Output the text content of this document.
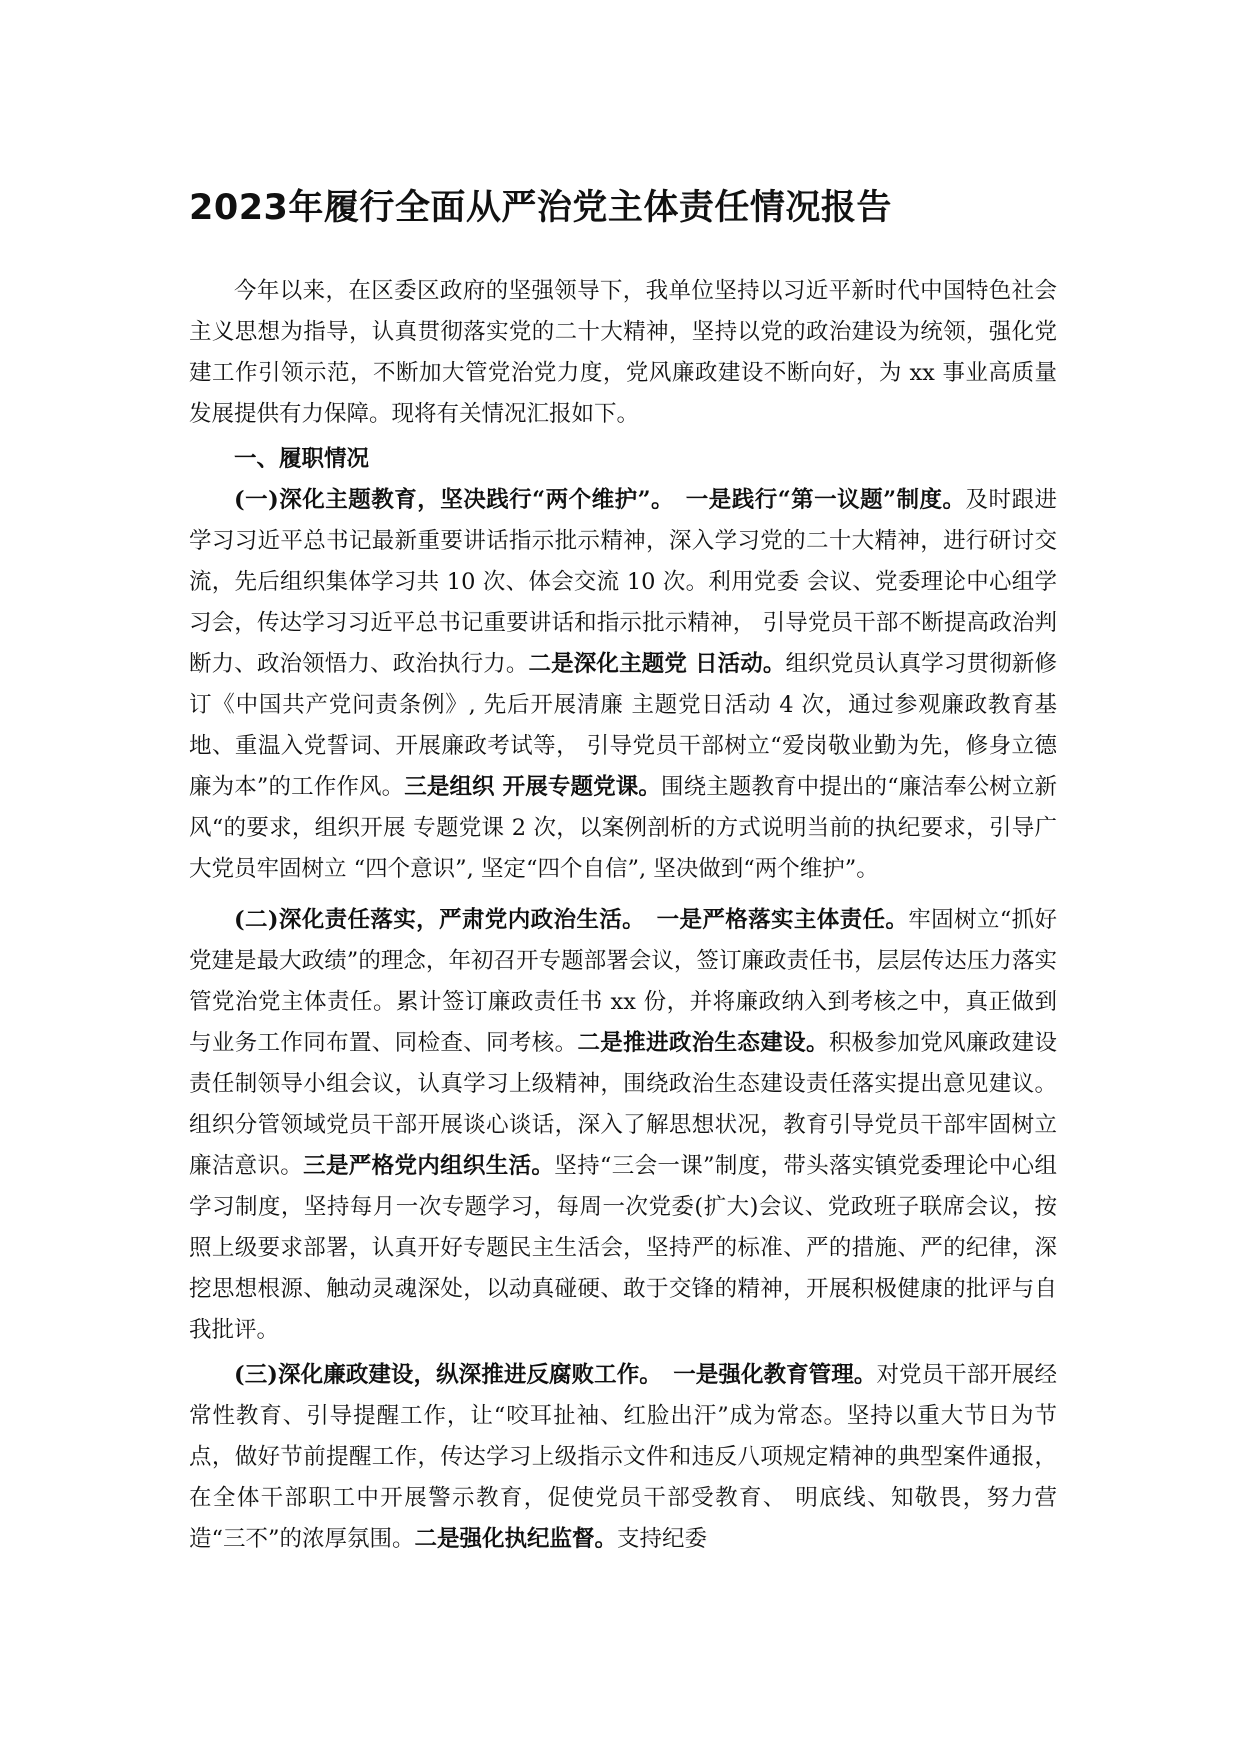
2023年履行全面从严治党主体责任情况报告

今年以来，在区委区政府的坚强领导下，我单位坚持以习近平新时代中国特色社会主义思想为指导，认真贯彻落实党的二十大精神，坚持以党的政治建设为统领，强化党建工作引领示范，不断加大管党治党力度，党风廉政建设不断向好，为 xx 事业高质量发展提供有力保障。现将有关情况汇报如下。

一、履职情况

(一)深化主题教育，坚决践行“两个维护”。　一是践行“第一议题”制度。及时跟进学习习近平总书记最新重要讲话指示批示精神，深入学习党的二十大精神，进行研讨交流，先后组织集体学习共 10 次、体会交流 10 次。利用党委 会议、党委理论中心组学习会，传达学习习近平总书记重要讲话和指示批示精神， 引导党员干部不断提高政治判断力、政治领悟力、政治执行力。二是深化主题党 日活动。组织党员认真学习贯彻新修订《中国共产党问责条例》, 先后开展清廉 主题党日活动 4 次，通过参观廉政教育基地、重温入党誓词、开展廉政考试等， 引导党员干部树立“爱岗敬业勤为先，修身立德廉为本”的工作作风。三是组织 开展专题党课。围绕主题教育中提出的“廉洁奉公树立新风“的要求，组织开展 专题党课 2 次，以案例剖析的方式说明当前的执纪要求，引导广大党员牢固树立 “四个意识”, 坚定“四个自信”, 坚决做到“两个维护”。

(二)深化责任落实，严肃党内政治生活。　一是严格落实主体责任。牢固树立“抓好党建是最大政绩”的理念，年初召开专题部署会议，签订廉政责任书，层层传达压力落实管党治党主体责任。累计签订廉政责任书 xx 份，并将廉政纳入到考核之中，真正做到与业务工作同布置、同检查、同考核。二是推进政治生态建设。积极参加党风廉政建设责任制领导小组会议，认真学习上级精神，围绕政治生态建设责任落实提出意见建议。组织分管领域党员干部开展谈心谈话，深入了解思想状况，教育引导党员干部牢固树立廉洁意识。三是严格党内组织生活。坚持“三会一课”制度，带头落实镇党委理论中心组学习制度，坚持每月一次专题学习，每周一次党委(扩大)会议、党政班子联席会议，按照上级要求部署，认真开好专题民主生活会，坚持严的标准、严的措施、严的纪律，深挖思想根源、触动灵魂深处，以动真碰硬、敢于交锋的精神，开展积极健康的批评与自我批评。

(三)深化廉政建设，纵深推进反腐败工作。　一是强化教育管理。对党员干部开展经常性教育、引导提醒工作，让“咬耳扯袖、红脸出汗”成为常态。坚持以重大节日为节点，做好节前提醒工作，传达学习上级指示文件和违反八项规定精神的典型案件通报，在全体干部职工中开展警示教育，促使党员干部受教育、 明底线、知敬畏，努力营造“三不”的浓厚氛围。二是强化执纪监督。支持纪委
